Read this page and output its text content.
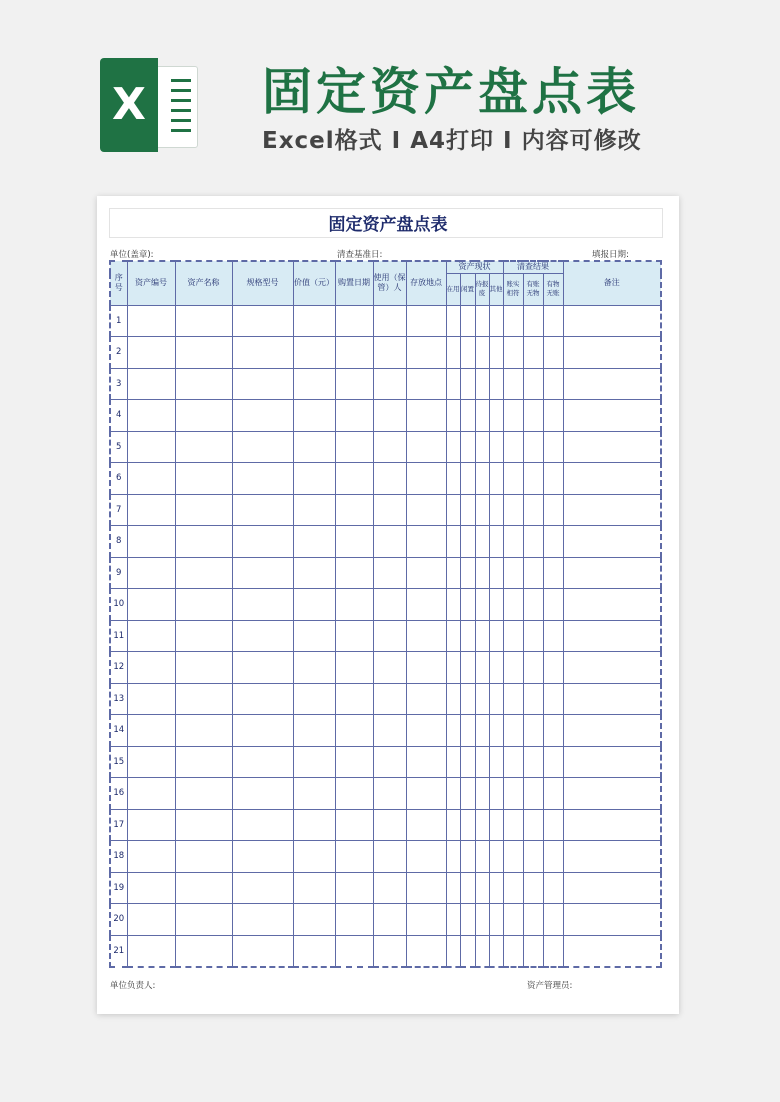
X 固定资产盘点表
Excel格式 I A4打印 I 内容可修改
固定资产盘点表
单位(盖章):	清查基准日:	填报日期:
序号	资产编号	资产名称	规格型号	价值（元）	购置日期	使用（保管）人	存放地点	资产现状				清查结果			备注
								在用	闲置	待报废	其他	账实相符	有账无物	有物无账	
1															
2															
3															
4															
5															
6															
7															
8															
9															
10															
11															
12															
13															
14															
15															
16															
17															
18															
19															
20															
21															
单位负责人:	资产管理员:
